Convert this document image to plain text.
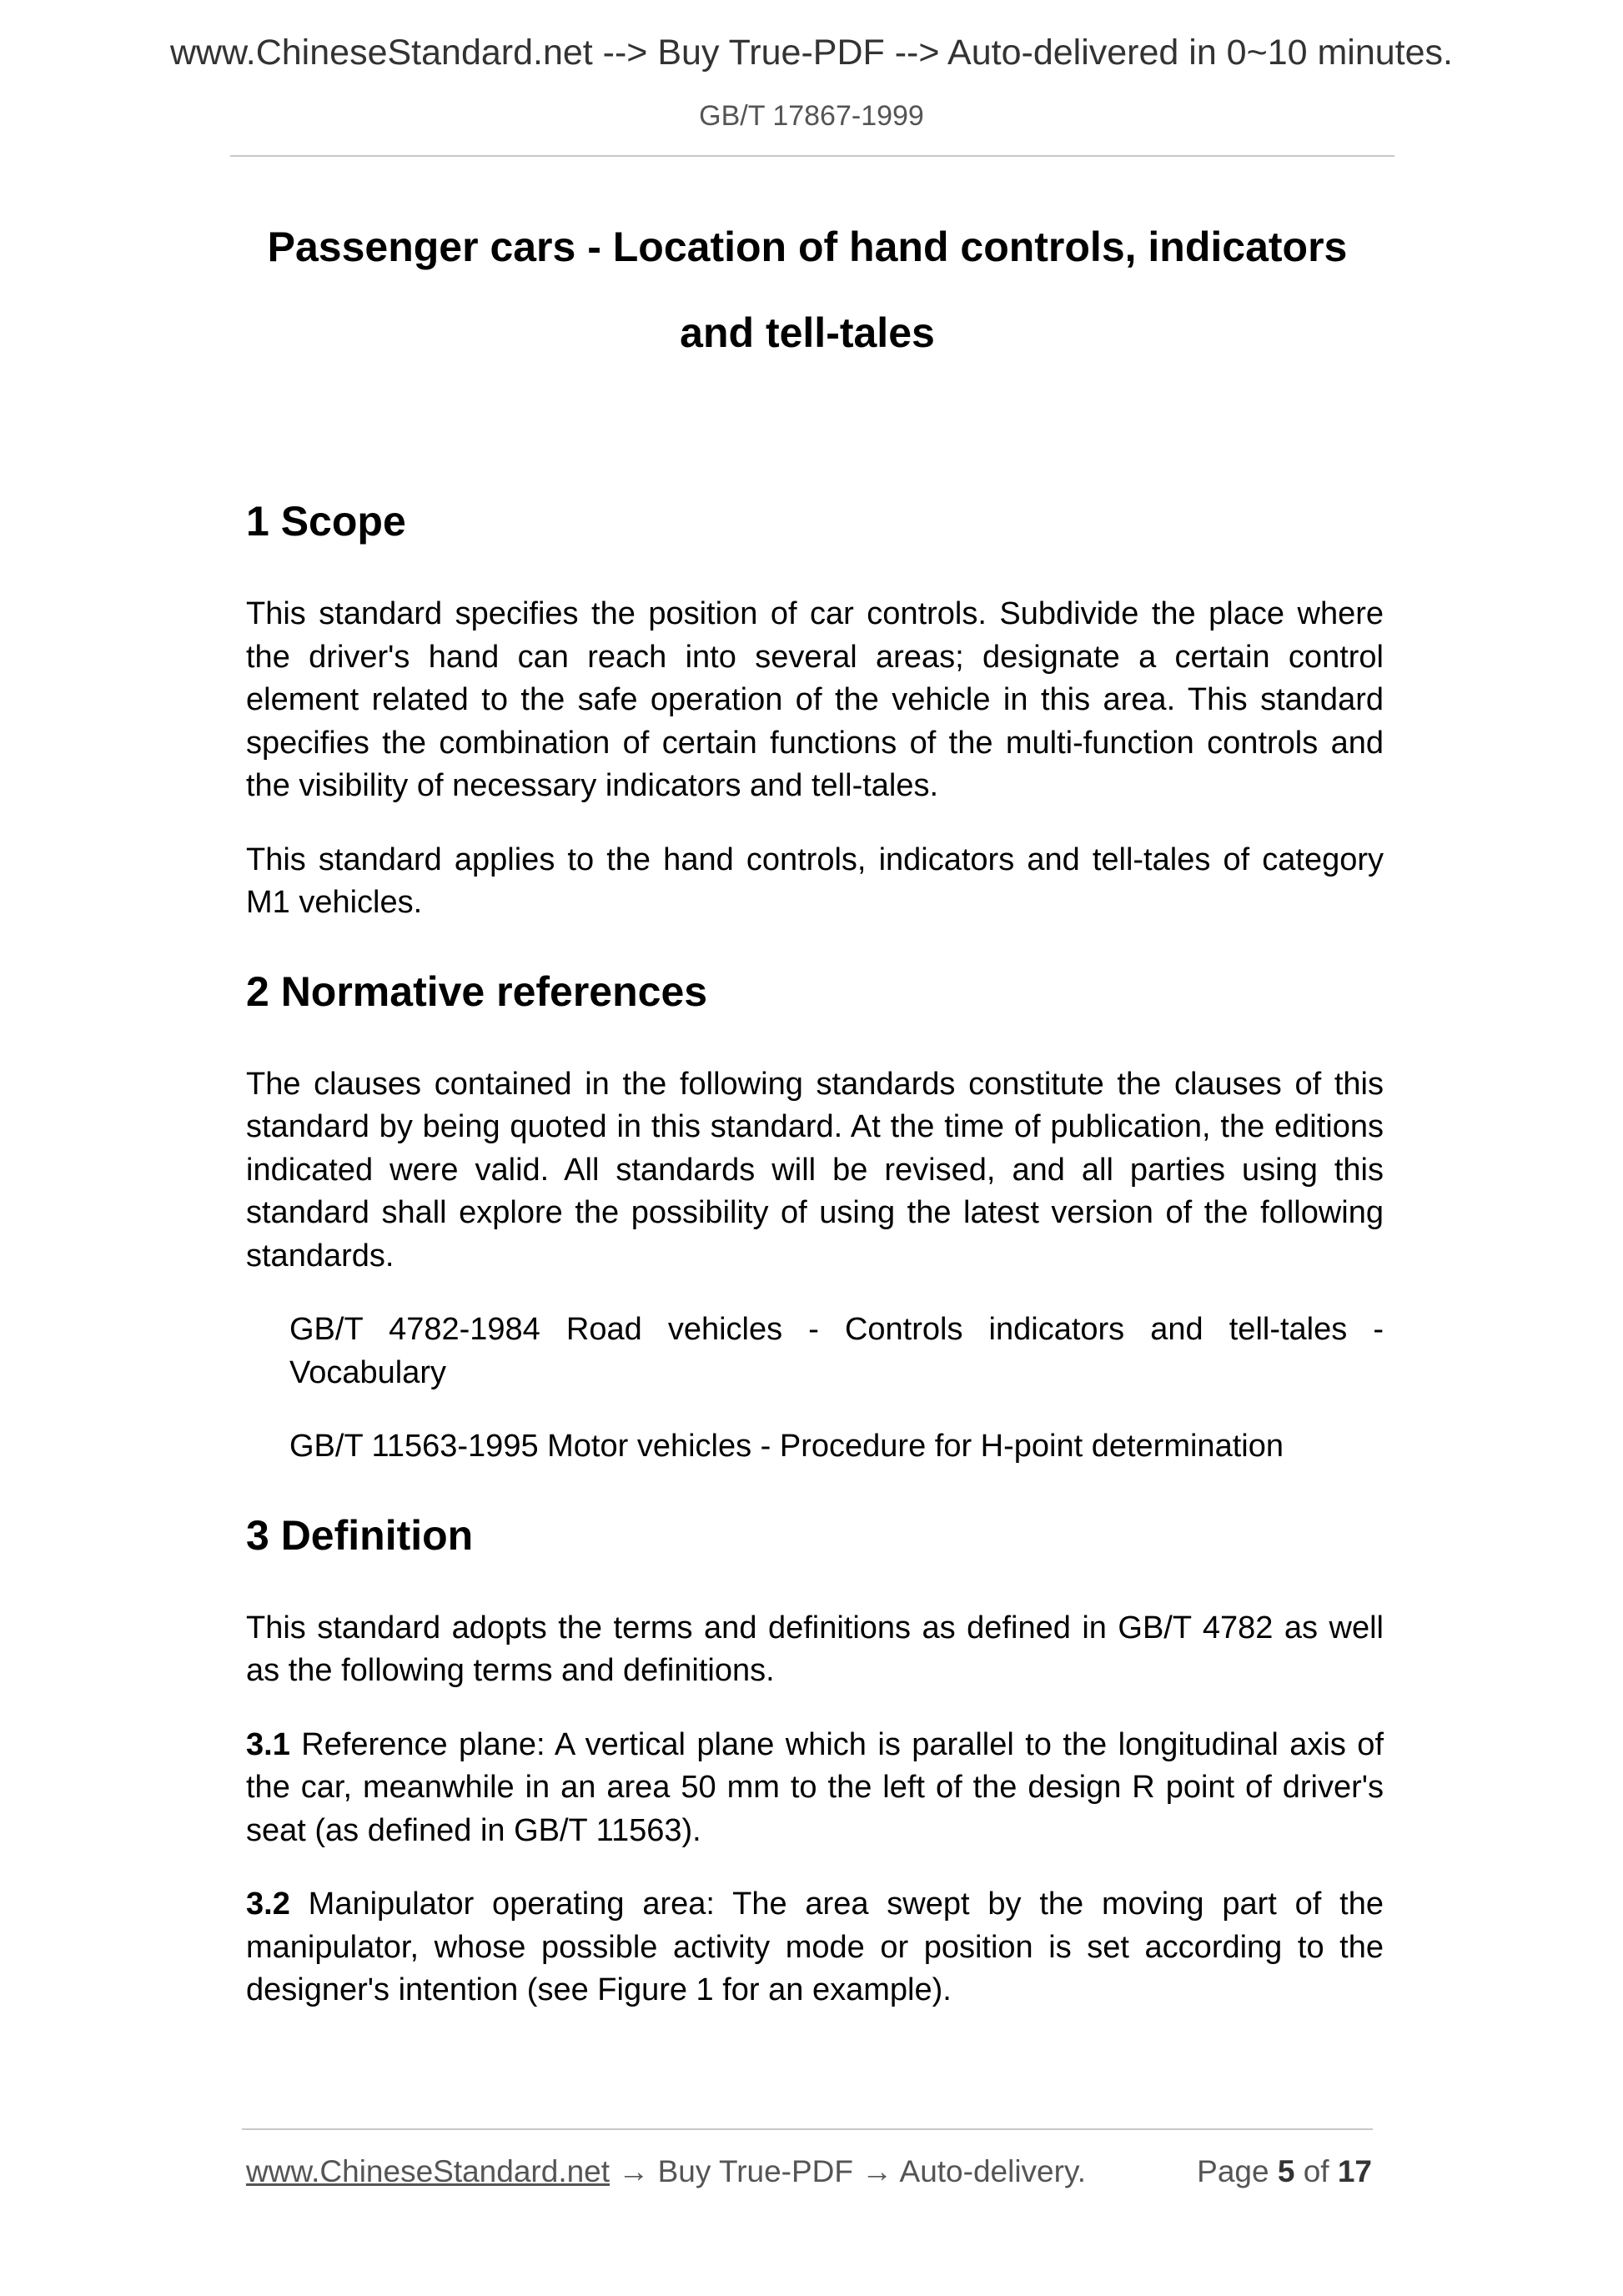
www.ChineseStandard.net --> Buy True-PDF --> Auto-delivered in 0~10 minutes.
GB/T 17867-1999
Passenger cars - Location of hand controls, indicators
and tell-tales
1 Scope

This standard specifies the position of car controls. Subdivide the place where the driver's hand can reach into several areas; designate a certain control element related to the safe operation of the vehicle in this area. This standard specifies the combination of certain functions of the multi-function controls and the visibility of necessary indicators and tell-tales.

This standard applies to the hand controls, indicators and tell-tales of category M1 vehicles.

2 Normative references

The clauses contained in the following standards constitute the clauses of this standard by being quoted in this standard. At the time of publication, the editions indicated were valid. All standards will be revised, and all parties using this standard shall explore the possibility of using the latest version of the following standards.

GB/T 4782-1984 Road vehicles - Controls indicators and tell-tales - Vocabulary

GB/T 11563-1995 Motor vehicles - Procedure for H-point determination

3 Definition

This standard adopts the terms and definitions as defined in GB/T 4782 as well as the following terms and definitions.

3.1 Reference plane: A vertical plane which is parallel to the longitudinal axis of the car, meanwhile in an area 50 mm to the left of the design R point of driver's seat (as defined in GB/T 11563).

3.2 Manipulator operating area: The area swept by the moving part of the manipulator, whose possible activity mode or position is set according to the designer's intention (see Figure 1 for an example).

www.ChineseStandard.net → Buy True-PDF → Auto-delivery.	Page 5 of 17
